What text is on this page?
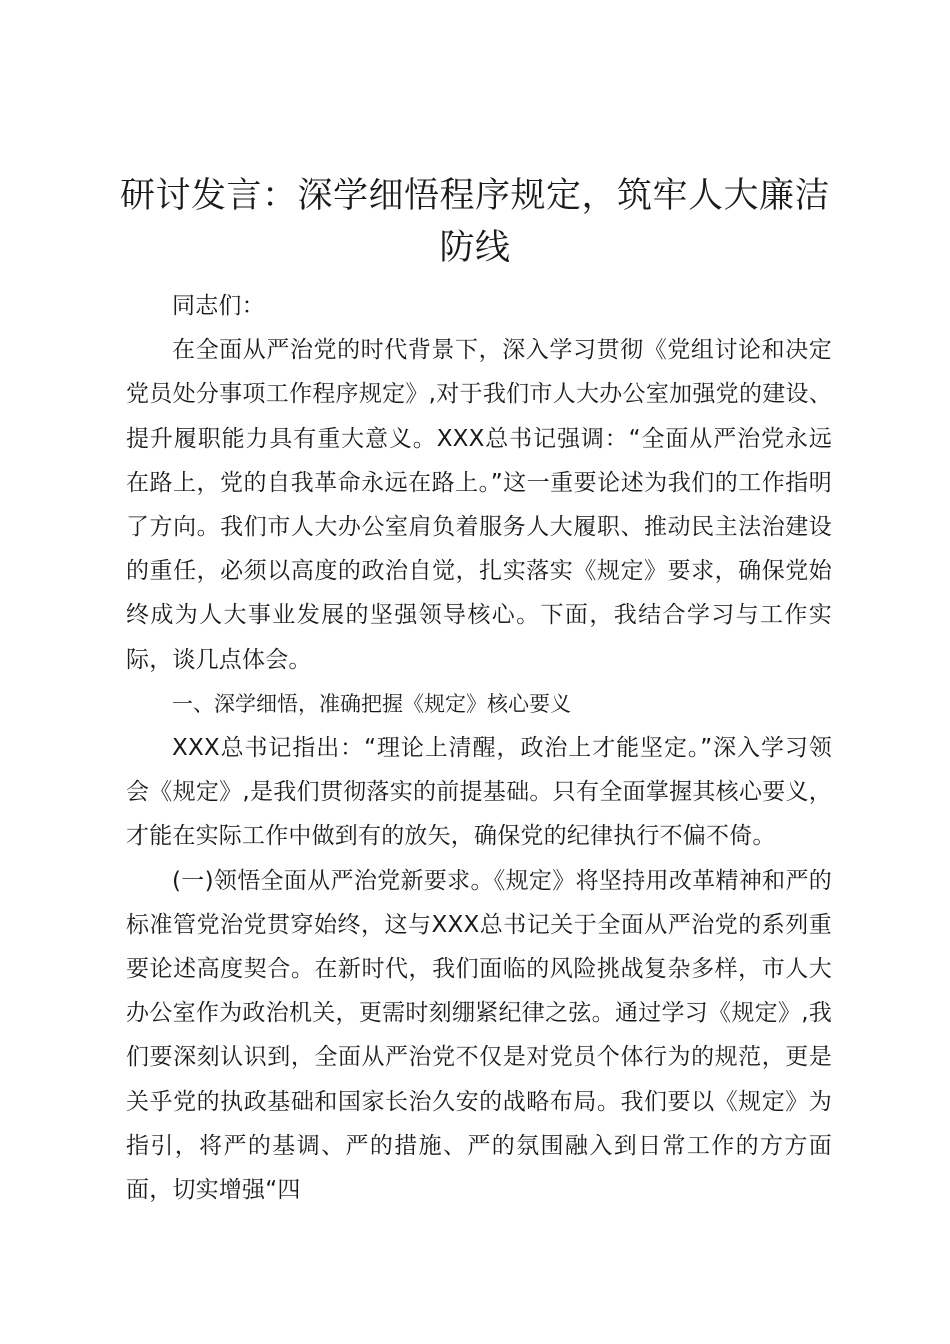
研讨发言：深学细悟程序规定，筑牢人大廉洁防线

同志们：

在全面从严治党的时代背景下，深入学习贯彻《党组讨论和决定党员处分事项工作程序规定》,对于我们市人大办公室加强党的建设、提升履职能力具有重大意义。XXX总书记强调：“全面从严治党永远在路上，党的自我革命永远在路上。”这一重要论述为我们的工作指明了方向。我们市人大办公室肩负着服务人大履职、推动民主法治建设的重任，必须以高度的政治自觉，扎实落实《规定》要求，确保党始终成为人大事业发展的坚强领导核心。下面，我结合学习与工作实际，谈几点体会。

一、深学细悟，准确把握《规定》核心要义

XXX总书记指出：“理论上清醒，政治上才能坚定。”深入学习领会《规定》,是我们贯彻落实的前提基础。只有全面掌握其核心要义，才能在实际工作中做到有的放矢，确保党的纪律执行不偏不倚。

(一)领悟全面从严治党新要求。《规定》将坚持用改革精神和严的标准管党治党贯穿始终，这与XXX总书记关于全面从严治党的系列重要论述高度契合。在新时代，我们面临的风险挑战复杂多样，市人大办公室作为政治机关，更需时刻绷紧纪律之弦。通过学习《规定》,我们要深刻认识到，全面从严治党不仅是对党员个体行为的规范，更是关乎党的执政基础和国家长治久安的战略布局。我们要以《规定》为指引，将严的基调、严的措施、严的氛围融入到日常工作的方方面面，切实增强“四
